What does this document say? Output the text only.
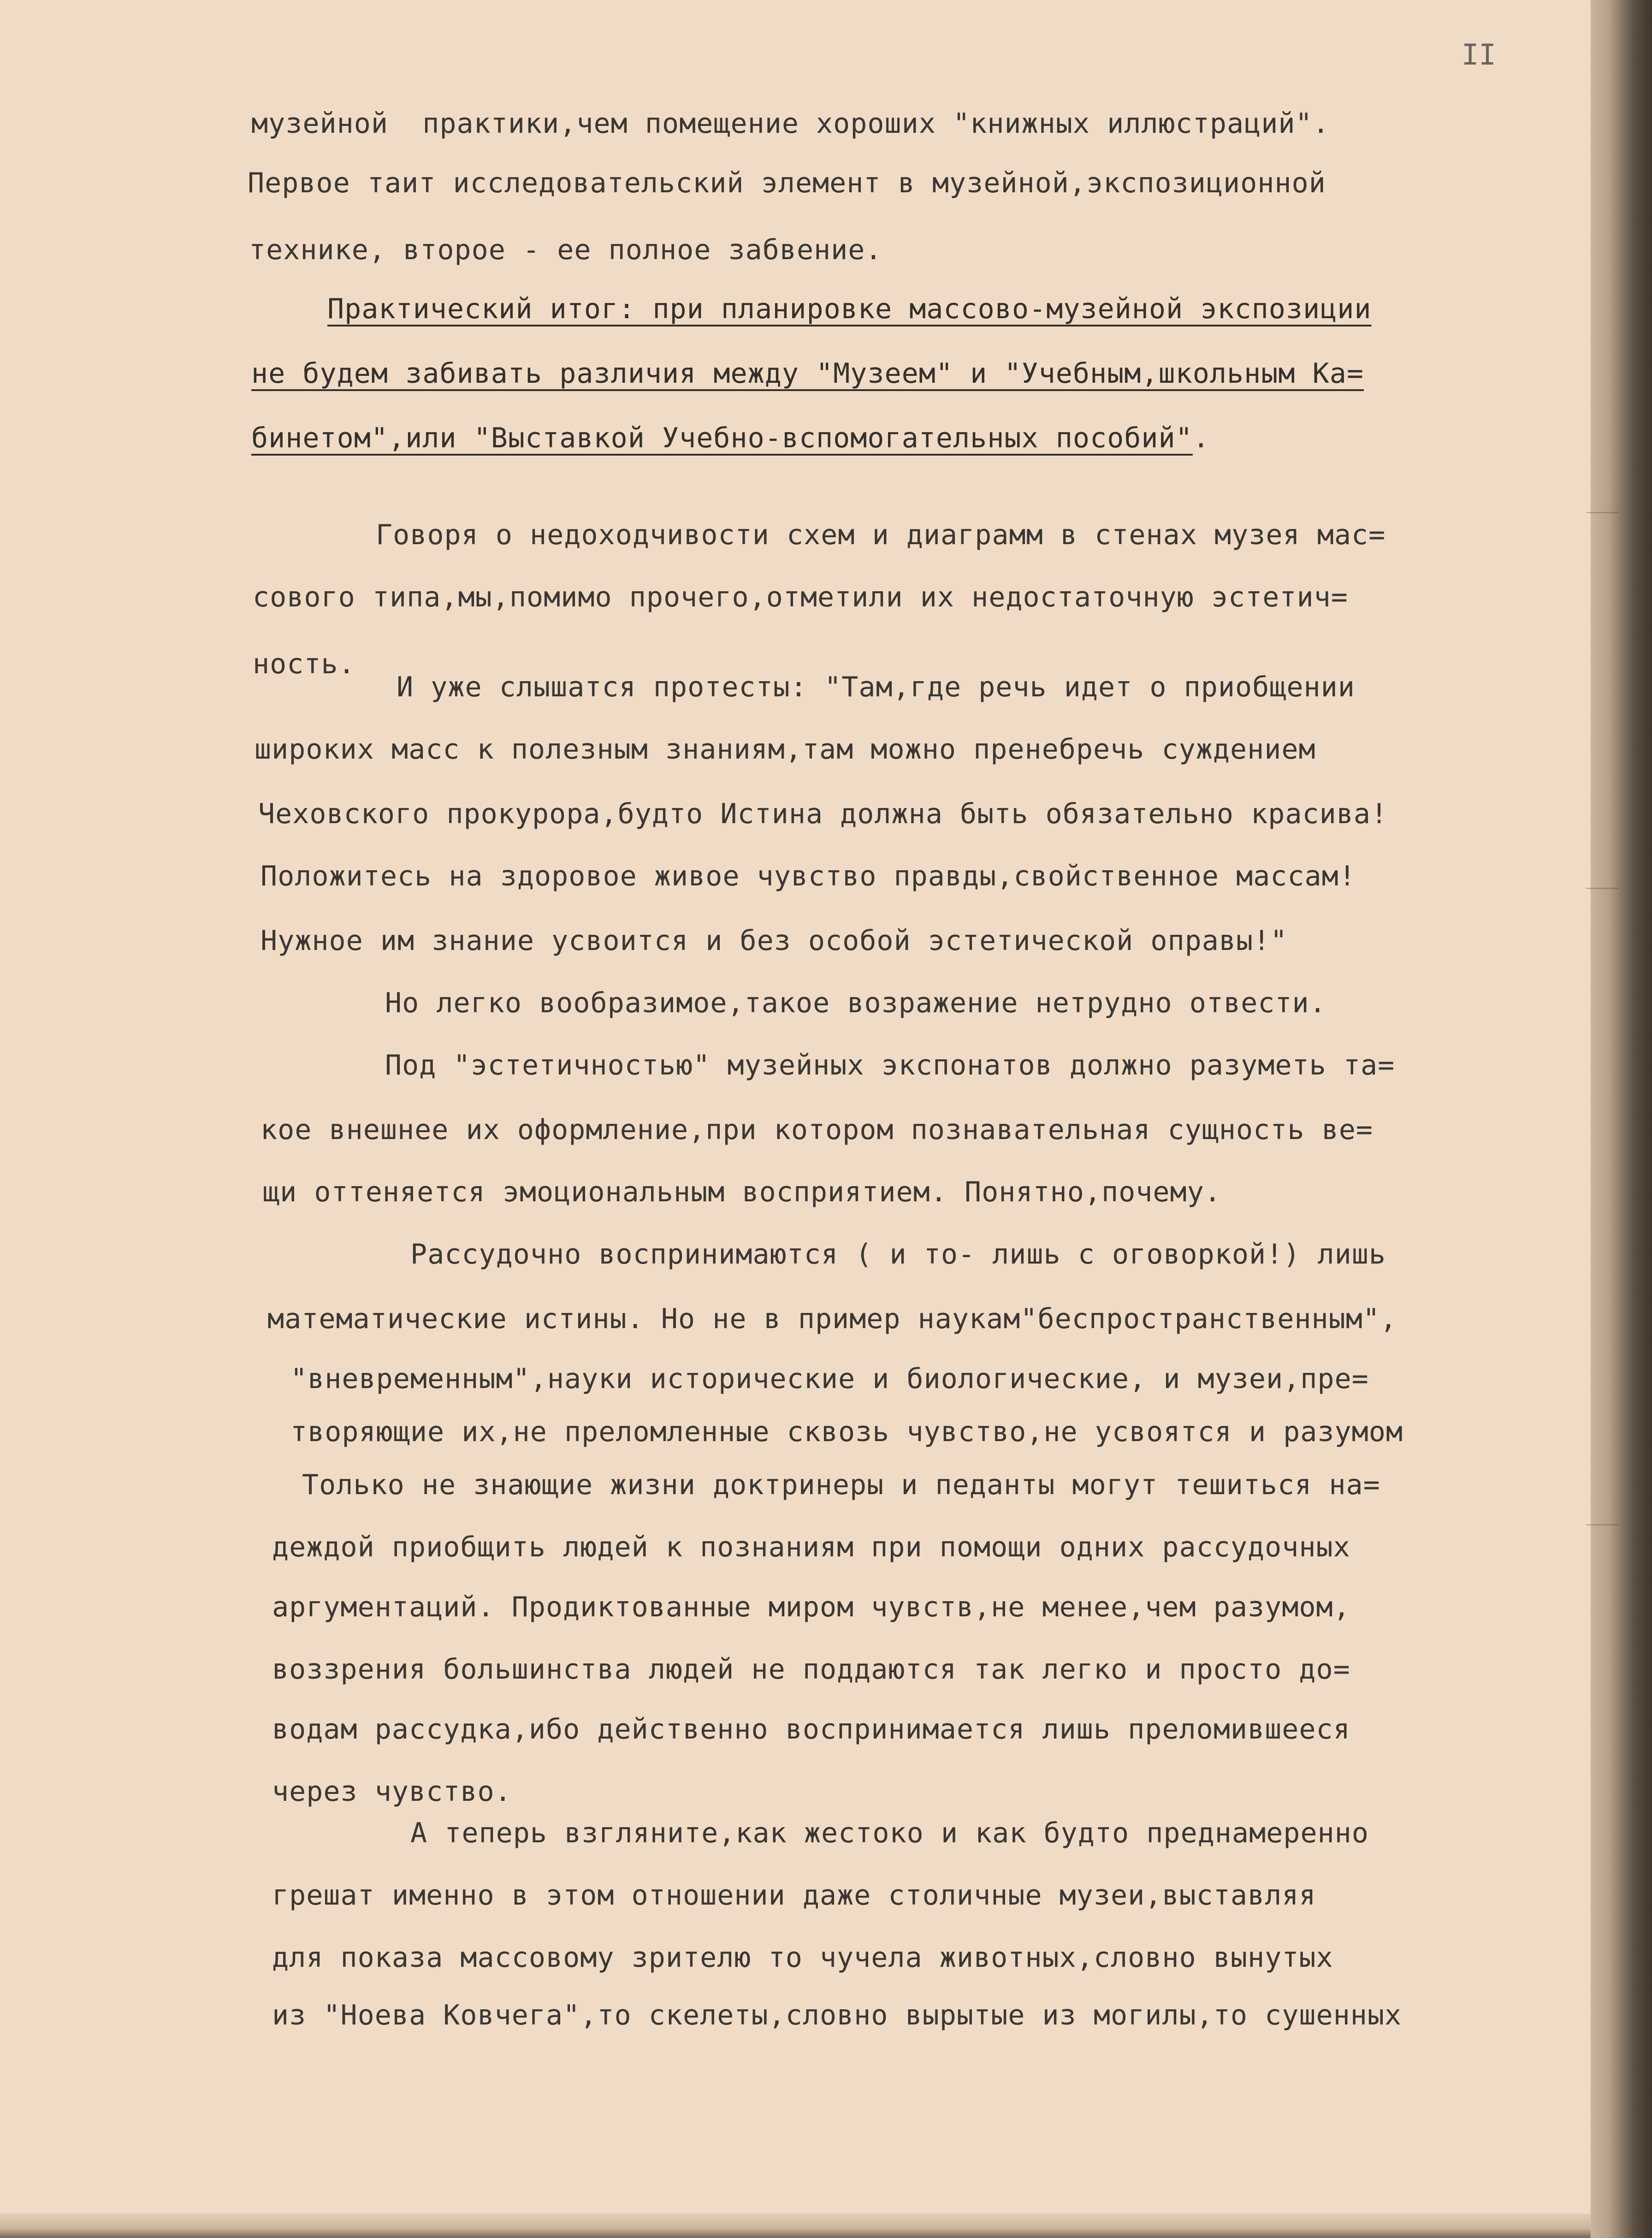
II

музейной  практики,чем помещение хороших "книжных иллюстраций".

Первое таит исследовательский элемент в музейной,экспозиционной

технике, второе - ее полное забвение.

Практический итог: при планировке массово-музейной экспозиции

не будем забивать различия между "Музеем" и "Учебным,школьным Ка=

бинетом",или "Выставкой Учебно-вспомогательных пособий".

Говоря о недоходчивости схем и диаграмм в стенах музея мас=

сового типа,мы,помимо прочего,отметили их недостаточную эстетич=

ность.

И уже слышатся протесты: "Там,где речь идет о приобщении

широких масс к полезным знаниям,там можно пренебречь суждением

Чеховского прокурора,будто Истина должна быть обязательно красива!

Положитесь на здоровое живое чувство правды,свойственное массам!

Нужное им знание усвоится и без особой эстетической оправы!"

Но легко вообразимое,такое возражение нетрудно отвести.

Под "эстетичностью" музейных экспонатов должно разуметь та=

кое внешнее их оформление,при котором познавательная сущность ве=

щи оттеняется эмоциональным восприятием. Понятно,почему.

Рассудочно воспринимаются ( и то- лишь с оговоркой!) лишь

математические истины. Но не в пример наукам"беспространственным",

"вневременным",науки исторические и биологические, и музеи,пре=

творяющие их,не преломленные сквозь чувство,не усвоятся и разумом

Только не знающие жизни доктринеры и педанты могут тешиться на=

деждой приобщить людей к познаниям при помощи одних рассудочных

аргументаций. Продиктованные миром чувств,не менее,чем разумом,

воззрения большинства людей не поддаются так легко и просто до=

водам рассудка,ибо действенно воспринимается лишь преломившееся

через чувство.

А теперь взгляните,как жестоко и как будто преднамеренно

грешат именно в этом отношении даже столичные музеи,выставляя

для показа массовому зрителю то чучела животных,словно вынутых

из "Ноева Ковчега",то скелеты,словно вырытые из могилы,то сушенных
